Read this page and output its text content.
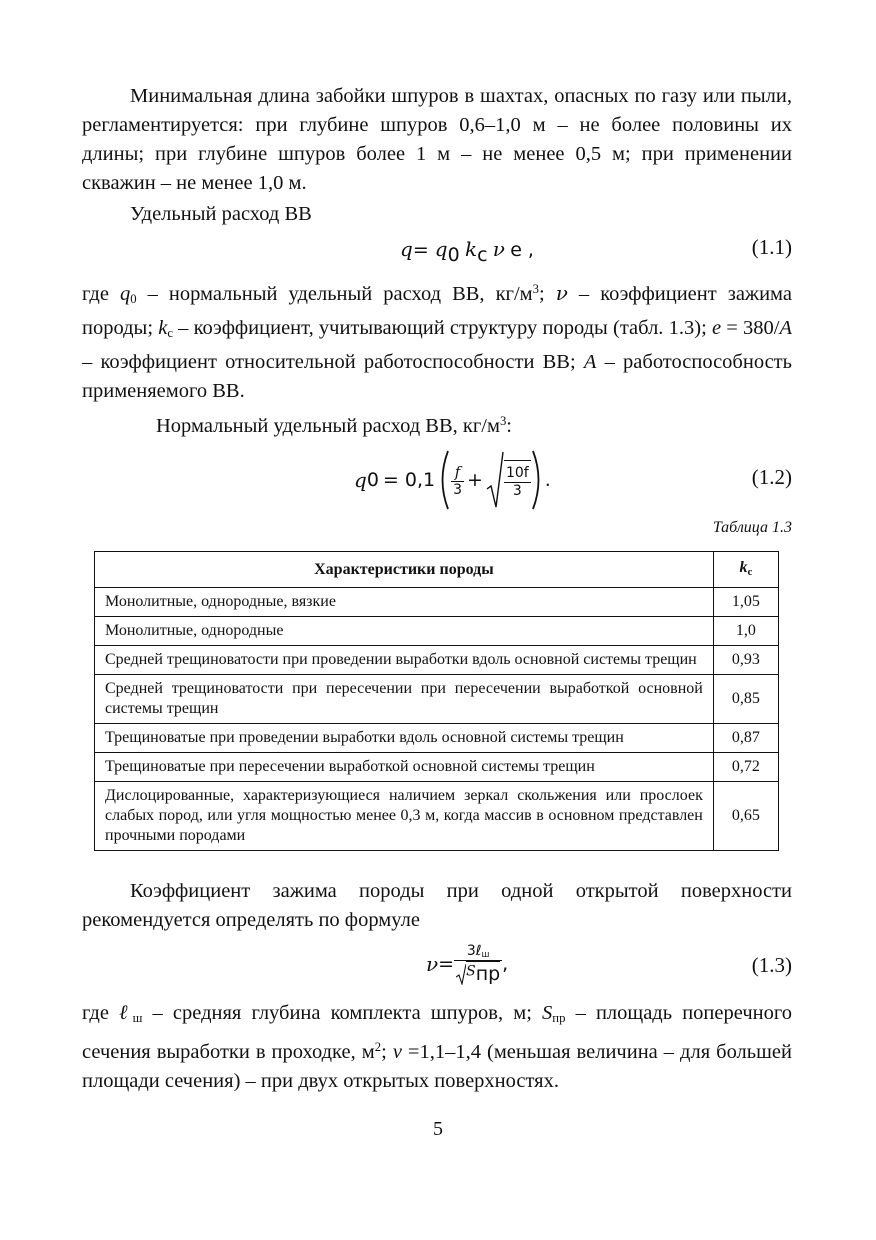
Минимальная длина забойки шпуров в шахтах, опасных по газу или пыли, регламентируется: при глубине шпуров 0,6–1,0 м – не более половины их длины; при глубине шпуров более 1 м – не менее 0,5 м; при применении скважин – не менее 1,0 м.

Удельный расход ВВ

$q= q_0$ $k_с$ ν е ,	(1.1)

где $q_0$ – нормальный удельный расход ВВ, $кг/м^3$; ν – коэффициент зажима породы; $k_с$ – коэффициент, учитывающий структуру породы (табл. 1.3); е = 380/А – коэффициент относительной работоспособности ВВ; А – работоспособность применяемого ВВ.

Нормальный удельный расход ВВ, $кг/м^3$:

q $0 = 0,1 \frac{f}{3} + \frac{10f}{3}$ .	(1.2)
Таблица 1.3
Характеристики породы	$k_с$
Монолитные, однородные, вязкие	1,05
Монолитные, однородные	1,0
Средней трещиноватости при проведении выработки вдоль основной системы трещин	0,93
Средней трещиноватости при пересечении при пересечении выработкой основной системы трещин	0,85
Трещиноватые при проведении выработки вдоль основной системы трещин	0,87
Трещиноватые при пересечении выработкой основной системы трещин	0,72
Дислоцированные, характеризующиеся наличием зеркал скольжения или прослоек слабых пород, или угля мощностью менее 0,3 м, когда массив в основном представлен прочными породами	0,65

Коэффициент зажима породы при одной открытой поверхности рекомендуется определять по формуле

$\nu = \frac{3\ell_ш}{S_{пр}}$ ,	(1.3)

где ℓ$_ш$ – средняя глубина комплекта шпуров, м; $S_{пр}$ – площадь поперечного сечения выработки в проходке, $м^2$; ν =1,1–1,4 (меньшая величина – для большей площади сечения) – при двух открытых поверхностях.

5
